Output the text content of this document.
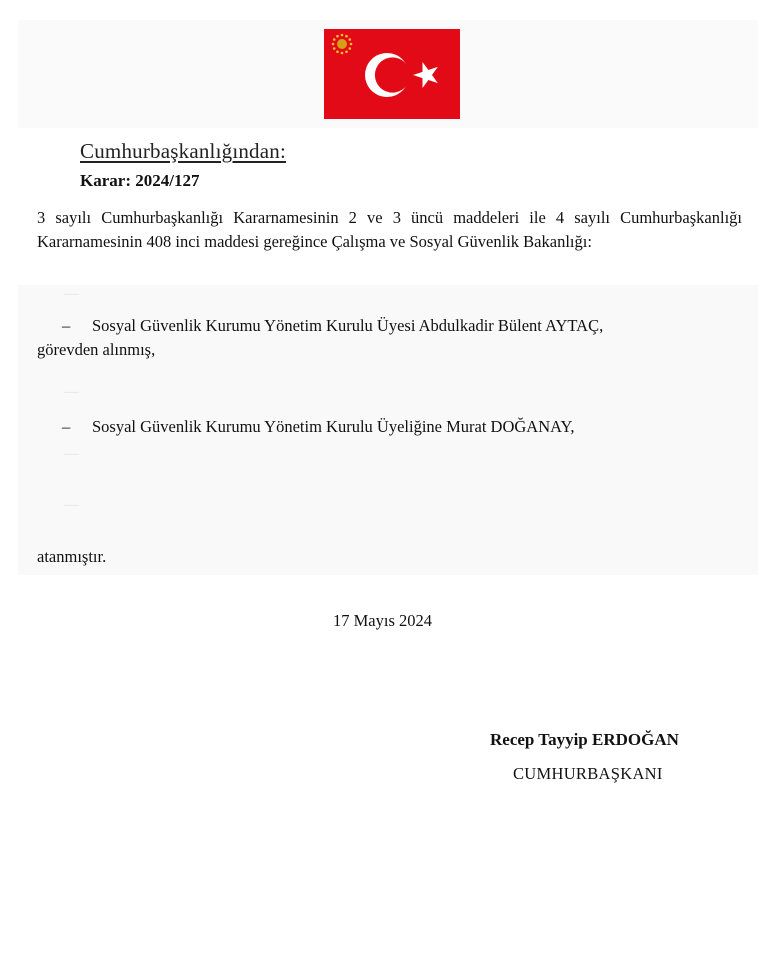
Cumhurbaşkanlığından:
Karar: 2024/127
3 sayılı Cumhurbaşkanlığı Kararnamesinin 2 ve 3 üncü maddeleri ile 4 sayılı Cumhurbaşkanlığı Kararnamesinin 408 inci maddesi gereğince Çalışma ve Sosyal Güvenlik Bakanlığı:
—
—
—
—
– Sosyal Güvenlik Kurumu Yönetim Kurulu Üyesi Abdulkadir Bülent AYTAÇ,
görevden alınmış,
– Sosyal Güvenlik Kurumu Yönetim Kurulu Üyeliğine Murat DOĞANAY,
atanmıştır.
17 Mayıs 2024
Recep Tayyip ERDOĞAN
CUMHURBAŞKANI
